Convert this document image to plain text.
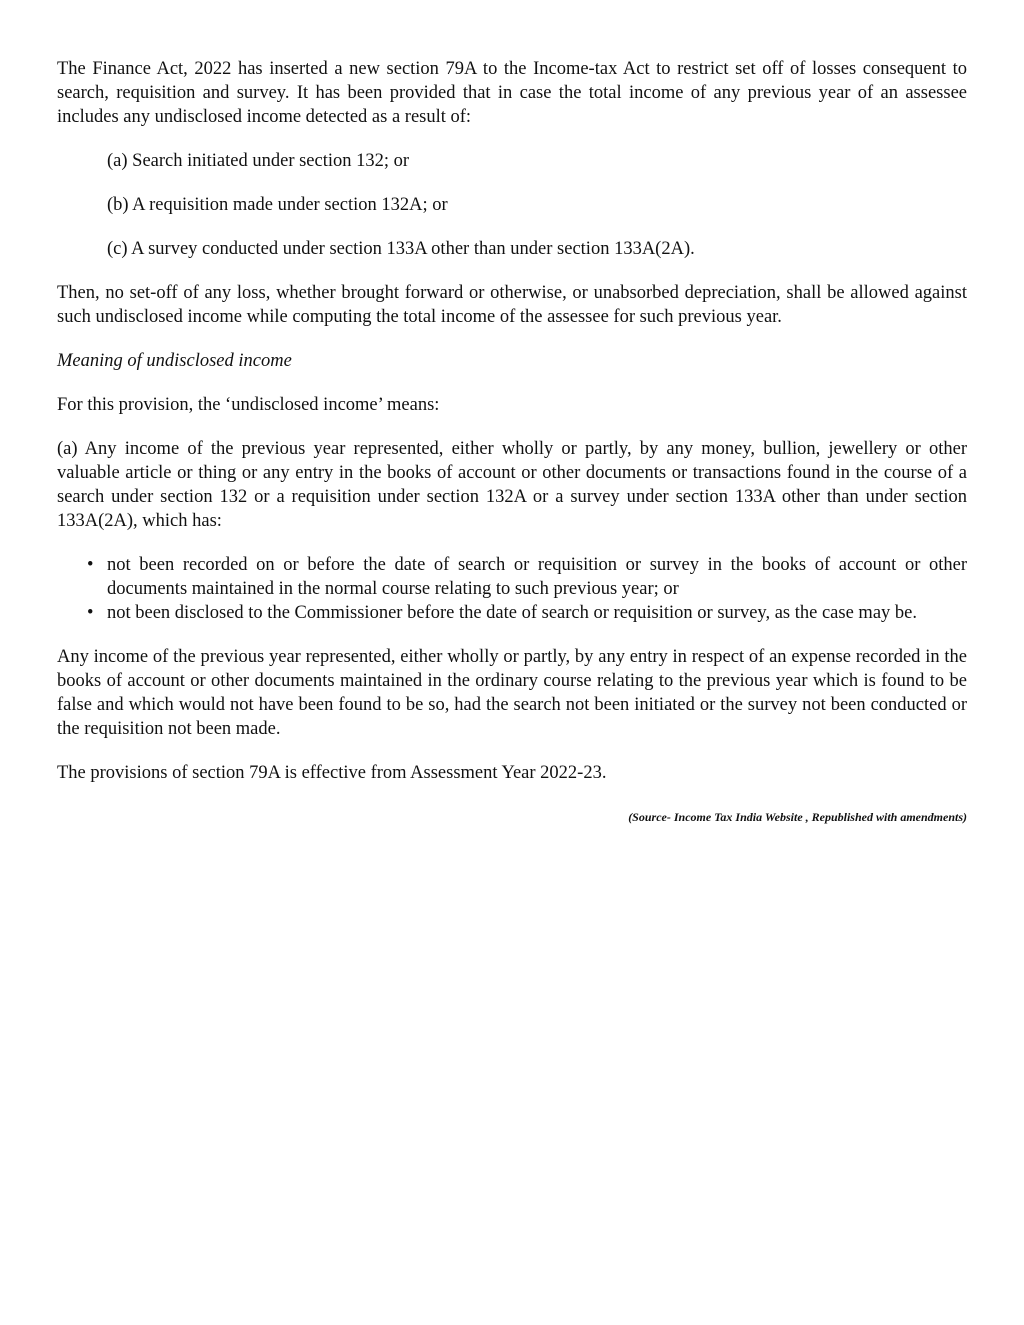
The Finance Act, 2022 has inserted a new section 79A to the Income-tax Act to restrict set off of losses consequent to search, requisition and survey. It has been provided that in case the total income of any previous year of an assessee includes any undisclosed income detected as a result of:

(a) Search initiated under section 132; or

(b) A requisition made under section 132A; or

(c) A survey conducted under section 133A other than under section 133A(2A).

Then, no set-off of any loss, whether brought forward or otherwise, or unabsorbed depreciation, shall be allowed against such undisclosed income while computing the total income of the assessee for such previous year.

Meaning of undisclosed income

For this provision, the ‘undisclosed income’ means:

(a) Any income of the previous year represented, either wholly or partly, by any money, bullion, jewellery or other valuable article or thing or any entry in the books of account or other documents or transactions found in the course of a search under section 132 or a requisition under section 132A or a survey under section 133A other than under section 133A(2A), which has:

• not been recorded on or before the date of search or requisition or survey in the books of account or other documents maintained in the normal course relating to such previous year; or
• not been disclosed to the Commissioner before the date of search or requisition or survey, as the case may be.

Any income of the previous year represented, either wholly or partly, by any entry in respect of an expense recorded in the books of account or other documents maintained in the ordinary course relating to the previous year which is found to be false and which would not have been found to be so, had the search not been initiated or the survey not been conducted or the requisition not been made.

The provisions of section 79A is effective from Assessment Year 2022-23.

(Source- Income Tax India Website , Republished with amendments)
